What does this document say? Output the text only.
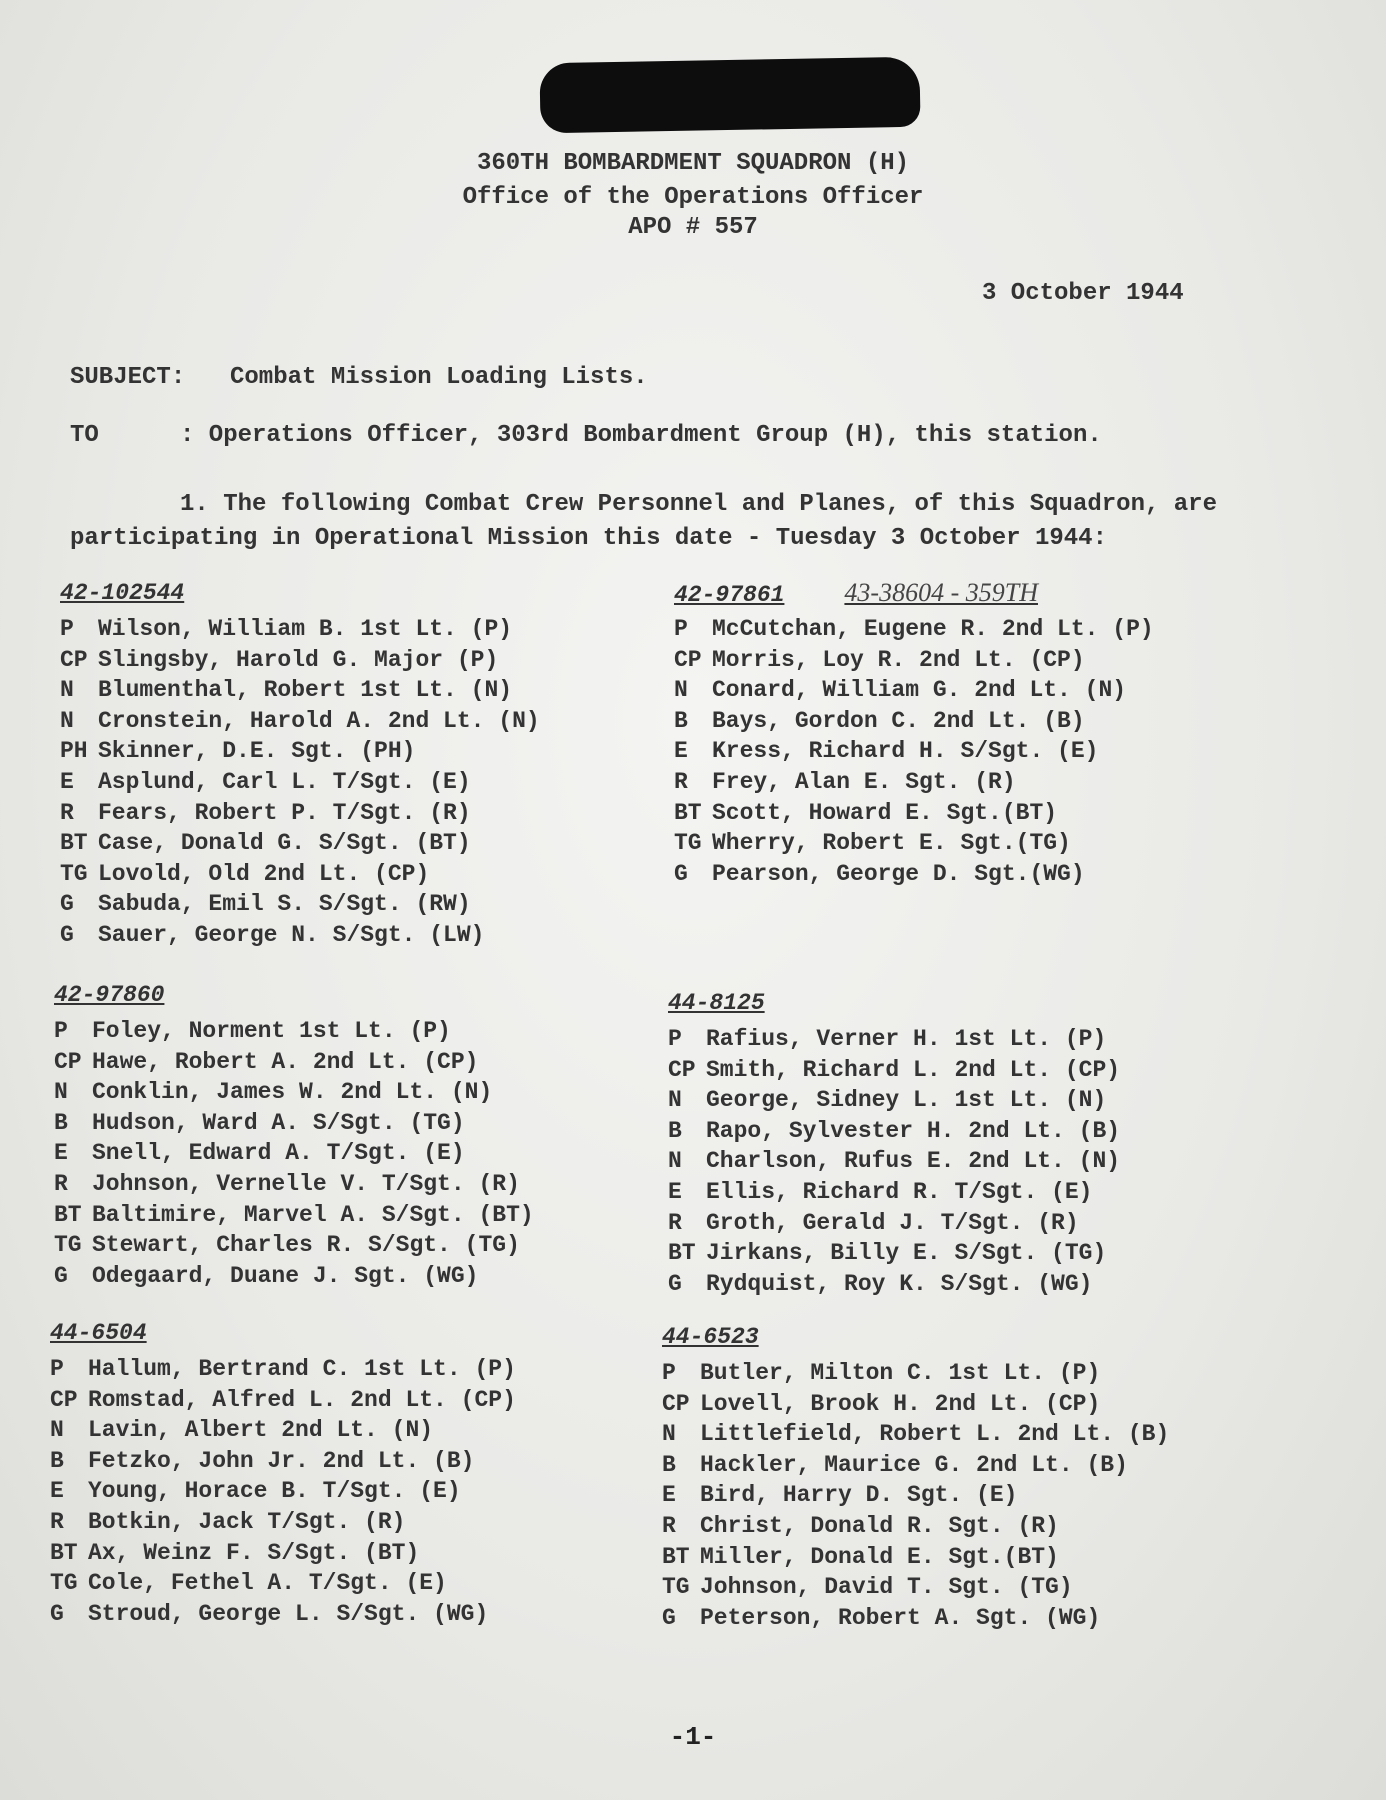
360TH BOMBARDMENT SQUADRON (H)
Office of the Operations Officer
APO # 557
3 October 1944
SUBJECT: Combat Mission Loading Lists.
TO	: Operations Officer, 303rd Bombardment Group (H), this station.
1. The following Combat Crew Personnel and Planes, of this Squadron, are
participating in Operational Mission this date - Tuesday 3 October 1944:
42-102544
P Wilson, William B. 1st Lt. (P)
CP Slingsby, Harold G. Major (P)
N Blumenthal, Robert 1st Lt. (N)
N Cronstein, Harold A. 2nd Lt. (N)
PH Skinner, D.E. Sgt. (PH)
E Asplund, Carl L. T/Sgt. (E)
R Fears, Robert P. T/Sgt. (R)
BT Case, Donald G. S/Sgt. (BT)
TG Lovold, Old 2nd Lt. (CP)
G Sabuda, Emil S. S/Sgt. (RW)
G Sauer, George N. S/Sgt. (LW)
42-97861 43-38604 - 359TH
P McCutchan, Eugene R. 2nd Lt. (P)
CP Morris, Loy R. 2nd Lt. (CP)
N Conard, William G. 2nd Lt. (N)
B Bays, Gordon C. 2nd Lt. (B)
E Kress, Richard H. S/Sgt. (E)
R Frey, Alan E. Sgt. (R)
BT Scott, Howard E. Sgt.(BT)
TG Wherry, Robert E. Sgt.(TG)
G Pearson, George D. Sgt.(WG)
42-97860
P Foley, Norment 1st Lt. (P)
CP Hawe, Robert A. 2nd Lt. (CP)
N Conklin, James W. 2nd Lt. (N)
B Hudson, Ward A. S/Sgt. (TG)
E Snell, Edward A. T/Sgt. (E)
R Johnson, Vernelle V. T/Sgt. (R)
BT Baltimire, Marvel A. S/Sgt. (BT)
TG Stewart, Charles R. S/Sgt. (TG)
G Odegaard, Duane J. Sgt. (WG)
44-8125
P Rafius, Verner H. 1st Lt. (P)
CP Smith, Richard L. 2nd Lt. (CP)
N George, Sidney L. 1st Lt. (N)
B Rapo, Sylvester H. 2nd Lt. (B)
N Charlson, Rufus E. 2nd Lt. (N)
E Ellis, Richard R. T/Sgt. (E)
R Groth, Gerald J. T/Sgt. (R)
BT Jirkans, Billy E. S/Sgt. (TG)
G Rydquist, Roy K. S/Sgt. (WG)
44-6504
P Hallum, Bertrand C. 1st Lt. (P)
CP Romstad, Alfred L. 2nd Lt. (CP)
N Lavin, Albert 2nd Lt. (N)
B Fetzko, John Jr. 2nd Lt. (B)
E Young, Horace B. T/Sgt. (E)
R Botkin, Jack T/Sgt. (R)
BT Ax, Weinz F. S/Sgt. (BT)
TG Cole, Fethel A. T/Sgt. (E)
G Stroud, George L. S/Sgt. (WG)
44-6523
P Butler, Milton C. 1st Lt. (P)
CP Lovell, Brook H. 2nd Lt. (CP)
N Littlefield, Robert L. 2nd Lt. (B)
B Hackler, Maurice G. 2nd Lt. (B)
E Bird, Harry D. Sgt. (E)
R Christ, Donald R. Sgt. (R)
BT Miller, Donald E. Sgt.(BT)
TG Johnson, David T. Sgt. (TG)
G Peterson, Robert A. Sgt. (WG)
-1-
